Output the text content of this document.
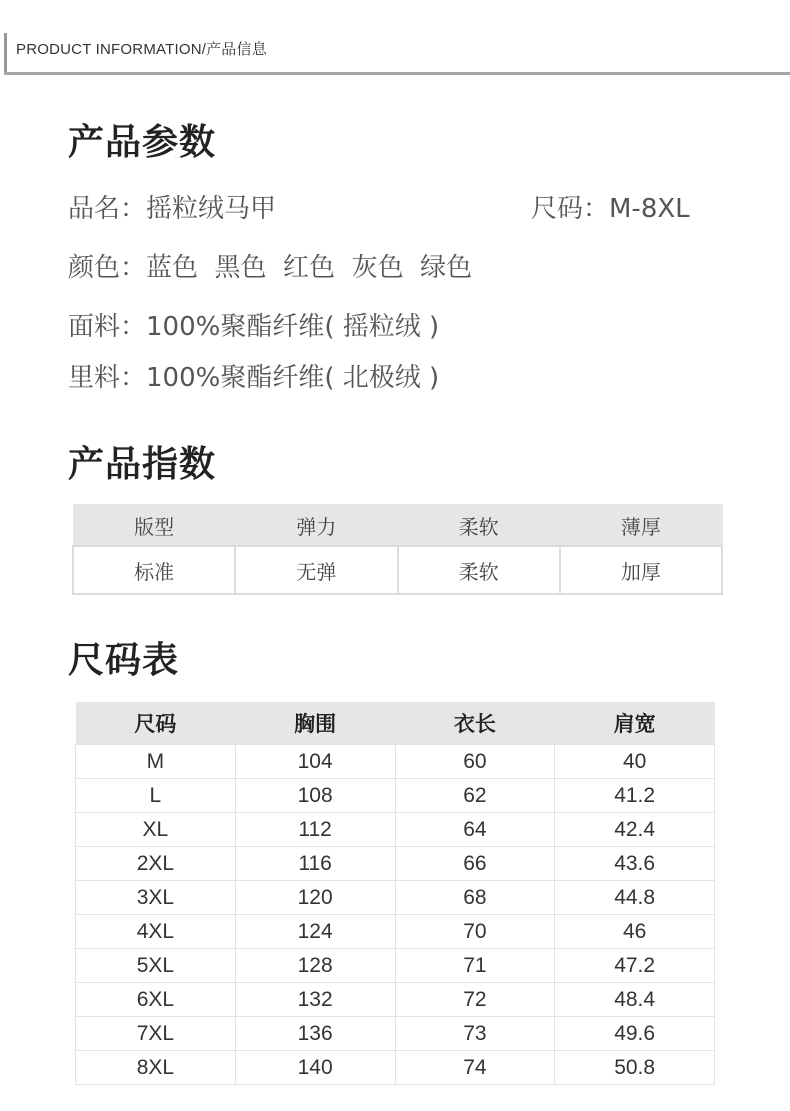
PRODUCT INFORMATION/产品信息
产品参数
品名：摇粒绒马甲	尺码：M-8XL
颜色：蓝色  黑色  红色  灰色  绿色
面料：100%聚酯纤维( 摇粒绒 )
里料：100%聚酯纤维( 北极绒 )
产品指数
版型	弹力	柔软	薄厚
标准	无弹	柔软	加厚
尺码表
尺码	胸围	衣长	肩宽
M	104	60	40
L	108	62	41.2
XL	112	64	42.4
2XL	116	66	43.6
3XL	120	68	44.8
4XL	124	70	46
5XL	128	71	47.2
6XL	132	72	48.4
7XL	136	73	49.6
8XL	140	74	50.8
